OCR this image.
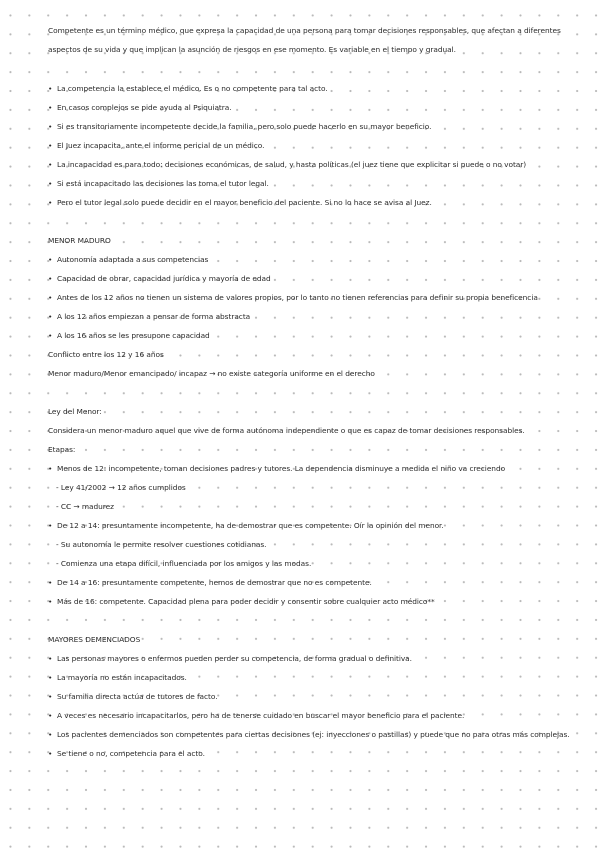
Competente es un término médico, que expresa la capacidad de una persona para tomar decisiones responsables, que afectan a diferentes
aspectos de su vida y que implican la asunción de riesgos en ese momento. Es variable en el tiempo y gradual.
• La competencia la establece el médico. Es o no competente para tal acto.
• En casos complejos se pide ayuda al Psiquiatra.
• Si es transitoriamente incompetente decide la familia, pero solo puede hacerlo en su mayor beneficio.
• El Juez incapacita, ante el informe pericial de un médico.
• La incapacidad es para todo: decisiones económicas, de salud, y hasta políticas (el juez tiene que explicitar si puede o no votar)
• Si está incapacitado las decisiones las toma el tutor legal.
• Pero el tutor legal solo puede decidir en el mayor beneficio del paciente. Si no lo hace se avisa al Juez.
MENOR MADURO
• Autonomía adaptada a sus competencias
• Capacidad de obrar, capacidad jurídica y mayoría de edad
• Antes de los 12 años no tienen un sistema de valores propios, por lo tanto no tienen referencias para definir su propia beneficencia
• A los 12 años empiezan a pensar de forma abstracta
• A los 16 años se les presupone capacidad
Conflicto entre los 12 y 16 años
Menor maduro/Menor emancipado/ incapaz → no existe categoría uniforme en el derecho
Ley del Menor:
Considera un menor maduro aquel que vive de forma autónoma independiente o que es capaz de tomar decisiones responsables.
Etapas:
• Menos de 12: incompetente, toman decisiones padres y tutores. La dependencia disminuye a medida el niño va creciendo
- Ley 41/2002 → 12 años cumplidos
- CC → madurez
• De 12 a 14: presuntamente incompetente, ha de demostrar que es competente. Oír la opinión del menor.
- Su autonomía le permite resolver cuestiones cotidianas.
- Comienza una etapa difícil, influenciada por los amigos y las modas.
• De 14 a 16: presuntamente competente, hemos de demostrar que no es competente.
• Más de 16: competente. Capacidad plena para poder decidir y consentir sobre cualquier acto médico**
MAYORES DEMENCIADOS
• Las personas mayores o enfermos pueden perder su competencia, de forma gradual o definitiva.
• La mayoría no están incapacitados.
• Su familia directa actúa de tutores de facto.
• A veces es necesario incapacitarlos, pero ha de tenerse cuidado en buscar el mayor beneficio para el paciente.
• Los pacientes demenciados son competentes para ciertas decisiones (ej: inyecciones o pastillas) y puede que no para otras más complejas.
• Se tiene o no, competencia para el acto.
